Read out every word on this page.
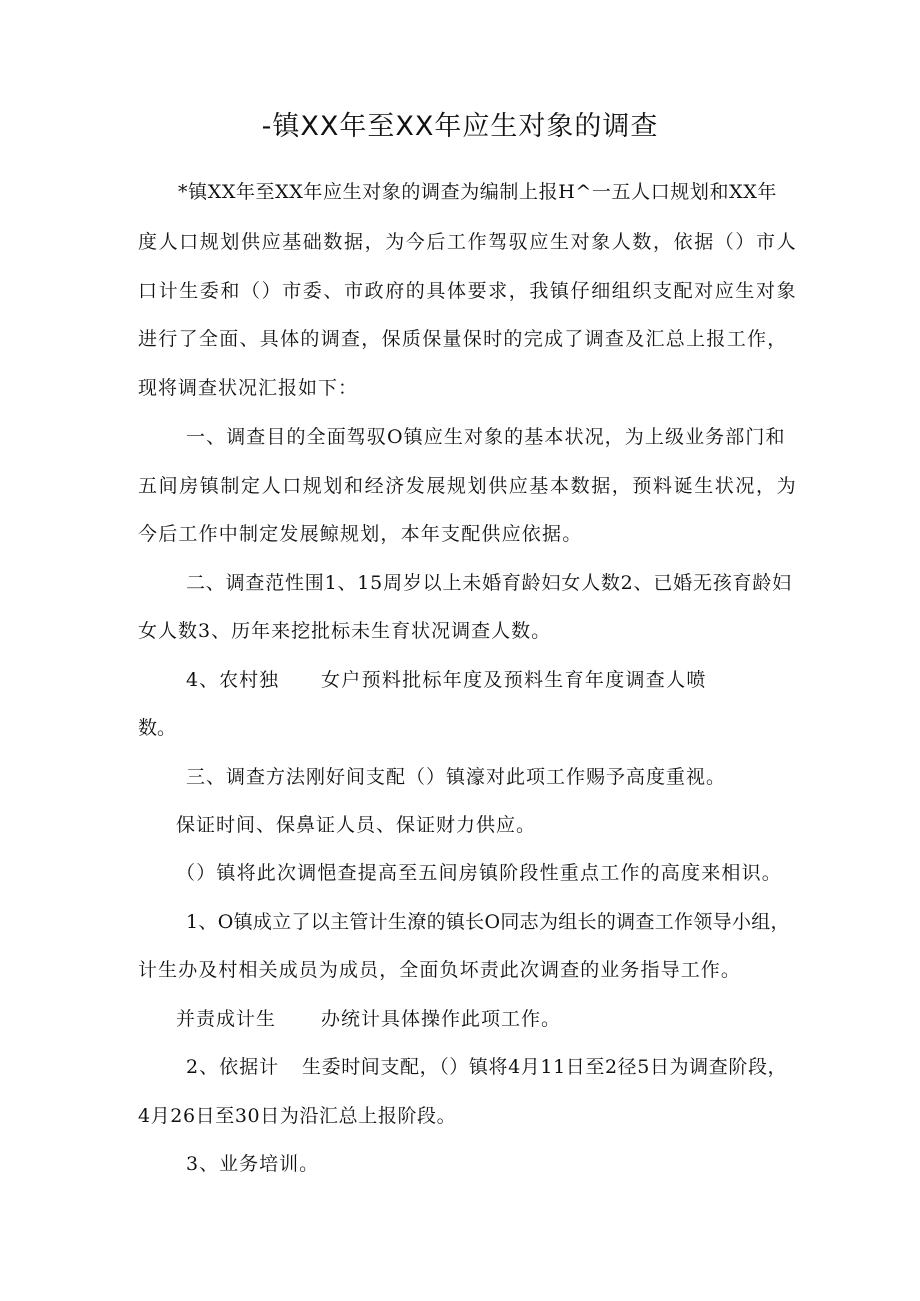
-镇XX年至XX年应生对象的调查
*镇XX年至XX年应生对象的调查为编制上报H^一五人口规划和XX年
度人口规划供应基础数据，为今后工作驾驭应生对象人数，依据（）市人
口计生委和（）市委、市政府的具体要求，我镇仔细组织支配对应生对象
进行了全面、具体的调查，保质保量保时的完成了调查及汇总上报工作，
现将调查状况汇报如下：
一、调查目的全面驾驭O镇应生对象的基本状况，为上级业务部门和
五间房镇制定人口规划和经济发展规划供应基本数据，预料诞生状况，为
今后工作中制定发展鲸规划，本年支配供应依据。
二、调查范性围1、15周岁以上未婚育龄妇女人数2、已婚无孩育龄妇
女人数3、历年来挖批标未生育状况调查人数。
4、农村独 女户预料批标年度及预料生育年度调查人喷
数。
三、调查方法刚好间支配（）镇濠对此项工作赐予高度重视。
保证时间、保鼻证人员、保证财力供应。
（）镇将此次调悒查提高至五间房镇阶段性重点工作的高度来相识。
1、O镇成立了以主管计生潦的镇长O同志为组长的调查工作领导小组，
计生办及村相关成员为成员，全面负坏责此次调查的业务指导工作。
并责成计生 办统计具体操作此项工作。
2、依据计 生委时间支配，（）镇将4月11日至2径5日为调查阶段，
4月26日至30日为沿汇总上报阶段。
3、业务培训。
